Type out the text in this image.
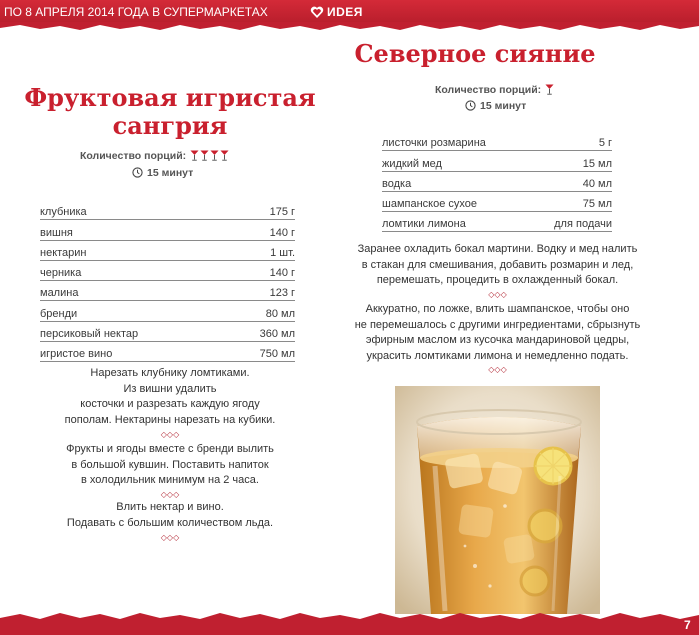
ПО 8 АПРЕЛЯ 2014 ГОДА В СУПЕРМАРКЕТАХ	ИDEЯ
Фруктовая игристая
сангрия
Количество порций:
15 минут
клубника	175 г
вишня	140 г
нектарин	1 шт.
черника	140 г
малина	123 г
бренди	80 мл
персиковый нектар	360 мл
игристое вино	750 мл
Нарезать клубнику ломтиками.
Из вишни удалить
косточки и разрезать каждую ягоду
пополам. Нектарины нарезать на кубики.
◇◇◇
Фрукты и ягоды вместе с бренди вылить
в большой кувшин. Поставить напиток
в холодильник минимум на 2 часа.
◇◇◇
Влить нектар и вино.
Подавать с большим количеством льда.
◇◇◇
Северное сияние
Количество порций:
15 минут
листочки розмарина	5 г
жидкий мед	15 мл
водка	40 мл
шампанское сухое	75 мл
ломтики лимона	для подачи
Заранее охладить бокал мартини. Водку и мед налить
в стакан для смешивания, добавить розмарин и лед,
перемешать, процедить в охлажденный бокал.
◇◇◇
Аккуратно, по ложке, влить шампанское, чтобы оно
не перемешалось с другими ингредиентами, сбрызнуть
эфирным маслом из кусочка мандариновой цедры,
украсить ломтиками лимона и немедленно подать.
◇◇◇
7
